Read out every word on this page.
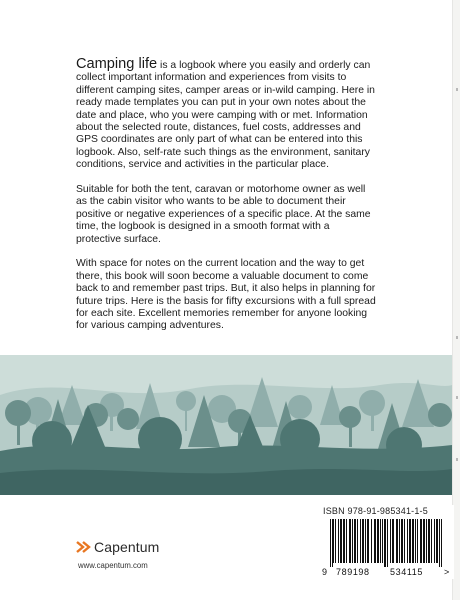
Camping life is a logbook where you easily and orderly can collect important information and experiences from visits to different camping sites, camper areas or in-wild camping. Here in ready made templates you can put in your own notes about the date and place, who you were camping with or met. Information about the selected route, distances, fuel costs, addresses and GPS coordinates are only part of what can be entered into this logbook. Also, self-rate such things as the environment, sanitary conditions, service and activities in the particular place.

Suitable for both the tent, caravan or motorhome owner as well as the cabin visitor who wants to be able to document their positive or negative experiences of a specific place. At the same time, the logbook is designed in a smooth format with a protective surface.

With space for notes on the current location and the way to get there, this book will soon become a valuable document to come back to and remember past trips. But, it also helps in planning for future trips. Here is the basis for fifty excursions with a full spread for each site. Excellent memories remember for anyone looking for various camping adventures.

ISBN 978-91-985341-1-5
9 789198 534115 >
Capentum
www.capentum.com
